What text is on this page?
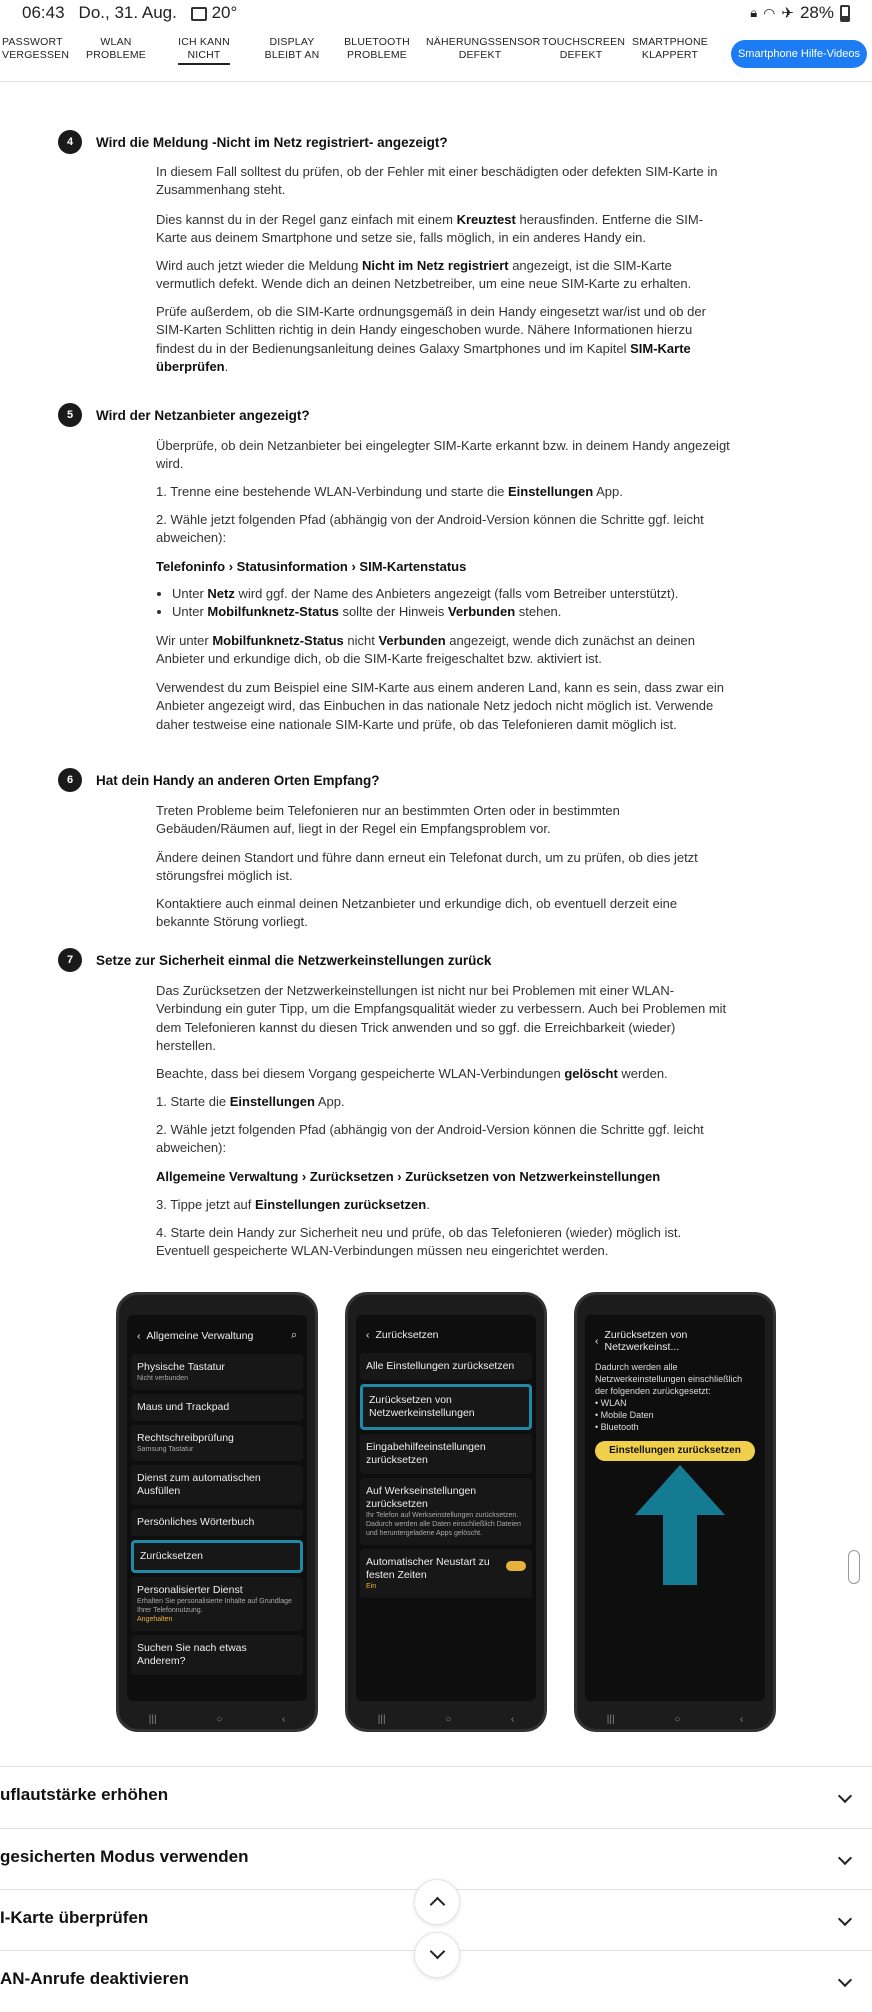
06:43 Do., 31. Aug.	20°	🔒︎ ◠ ✈ 28%
PASSWORT
VERGESSEN
WLAN
PROBLEME
ICH KANN
NICHT
DISPLAY
BLEIBT AN
BLUETOOTH
PROBLEME
NÄHERUNGSSENSOR
DEFEKT
TOUCHSCREEN
DEFEKT
SMARTPHONE
KLAPPERT	Smartphone Hilfe-Videos
4	Wird die Meldung -Nicht im Netz registriert- angezeigt?
In diesem Fall solltest du prüfen, ob der Fehler mit einer beschädigten oder defekten SIM-Karte in Zusammenhang steht.
Dies kannst du in der Regel ganz einfach mit einem Kreuztest herausfinden. Entferne die SIM-Karte aus deinem Smartphone und setze sie, falls möglich, in ein anderes Handy ein.
Wird auch jetzt wieder die Meldung Nicht im Netz registriert angezeigt, ist die SIM-Karte vermutlich defekt. Wende dich an deinen Netzbetreiber, um eine neue SIM-Karte zu erhalten.
Prüfe außerdem, ob die SIM-Karte ordnungsgemäß in dein Handy eingesetzt war/ist und ob der SIM-Karten Schlitten richtig in dein Handy eingeschoben wurde. Nähere Informationen hierzu findest du in der Bedienungsanleitung deines Galaxy Smartphones und im Kapitel SIM-Karte überprüfen.
5	Wird der Netzanbieter angezeigt?
Überprüfe, ob dein Netzanbieter bei eingelegter SIM-Karte erkannt bzw. in deinem Handy angezeigt wird.
1. Trenne eine bestehende WLAN-Verbindung und starte die Einstellungen App.
2. Wähle jetzt folgenden Pfad (abhängig von der Android-Version können die Schritte ggf. leicht abweichen):
Telefoninfo › Statusinformation › SIM-Kartenstatus
• Unter Netz wird ggf. der Name des Anbieters angezeigt (falls vom Betreiber unterstützt).
• Unter Mobilfunknetz-Status sollte der Hinweis Verbunden stehen.
Wir unter Mobilfunknetz-Status nicht Verbunden angezeigt, wende dich zunächst an deinen Anbieter und erkundige dich, ob die SIM-Karte freigeschaltet bzw. aktiviert ist.
Verwendest du zum Beispiel eine SIM-Karte aus einem anderen Land, kann es sein, dass zwar ein Anbieter angezeigt wird, das Einbuchen in das nationale Netz jedoch nicht möglich ist. Verwende daher testweise eine nationale SIM-Karte und prüfe, ob das Telefonieren damit möglich ist.
6	Hat dein Handy an anderen Orten Empfang?
Treten Probleme beim Telefonieren nur an bestimmten Orten oder in bestimmten Gebäuden/Räumen auf, liegt in der Regel ein Empfangsproblem vor.
Ändere deinen Standort und führe dann erneut ein Telefonat durch, um zu prüfen, ob dies jetzt störungsfrei möglich ist.
Kontaktiere auch einmal deinen Netzanbieter und erkundige dich, ob eventuell derzeit eine bekannte Störung vorliegt.
7	Setze zur Sicherheit einmal die Netzwerkeinstellungen zurück
Das Zurücksetzen der Netzwerkeinstellungen ist nicht nur bei Problemen mit einer WLAN-Verbindung ein guter Tipp, um die Empfangsqualität wieder zu verbessern. Auch bei Problemen mit dem Telefonieren kannst du diesen Trick anwenden und so ggf. die Erreichbarkeit (wieder) herstellen.
Beachte, dass bei diesem Vorgang gespeicherte WLAN-Verbindungen gelöscht werden.
1. Starte die Einstellungen App.
2. Wähle jetzt folgenden Pfad (abhängig von der Android-Version können die Schritte ggf. leicht abweichen):
Allgemeine Verwaltung › Zurücksetzen › Zurücksetzen von Netzwerkeinstellungen
3. Tippe jetzt auf Einstellungen zurücksetzen.
4. Starte dein Handy zur Sicherheit neu und prüfe, ob das Telefonieren (wieder) möglich ist. Eventuell gespeicherte WLAN-Verbindungen müssen neu eingerichtet werden.
‹ Allgemeine Verwaltung	⌕
Physische Tastatur
Nicht verbunden
Maus und Trackpad
Rechtschreibprüfung
Samsung Tastatur
Dienst zum automatischen Ausfüllen
Persönliches Wörterbuch
Zurücksetzen
Personalisierter Dienst
Erhalten Sie personalisierte Inhalte auf Grundlage Ihrer Telefonnutzung.
Angehalten
Suchen Sie nach etwas Anderem?
|||	○	‹
‹ Zurücksetzen
Alle Einstellungen zurücksetzen
Zurücksetzen von Netzwerkeinstellungen
Eingabehilfeeinstellungen zurücksetzen
Auf Werkseinstellungen zurücksetzen
Ihr Telefon auf Werkseinstellungen zurücksetzen. Dadurch werden alle Daten einschließlich Dateien und heruntergeladene Apps gelöscht.
Automatischer Neustart zu festen Zeiten
Ein
|||	○	‹
‹ Zurücksetzen von Netzwerkeinst...
Dadurch werden alle Netzwerkeinstellungen einschließlich der folgenden zurückgesetzt:
• WLAN
• Mobile Daten
• Bluetooth
Einstellungen zurücksetzen
|||	○	‹
uflautstärke erhöhen
gesicherten Modus verwenden
I-Karte überprüfen
AN-Anrufe deaktivieren
